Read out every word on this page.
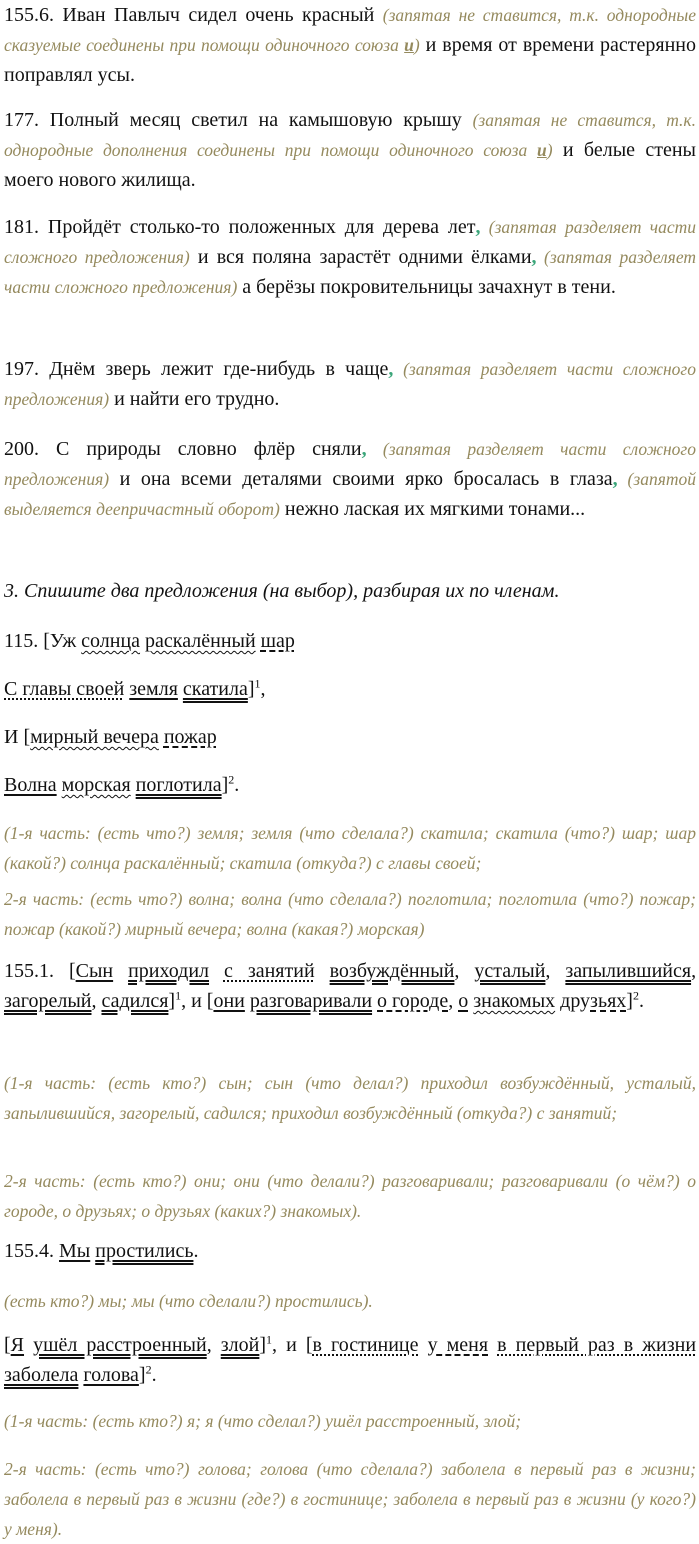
155.6. Иван Павлыч сидел очень красный (запятая не ставится, т.к. однородные сказуемые соединены при помощи одиночного союза и) и время от времени растерянно поправлял усы.

177. Полный месяц светил на камышовую крышу (запятая не ставится, т.к. однородные дополнения соединены при помощи одиночного союза и) и белые стены моего нового жилища.

181. Пройдёт столько-то положенных для дерева лет, (запятая разделяет части сложного предложения) и вся поляна зарастёт одними ёлками, (запятая разделяет части сложного предложения) а берёзы покровительницы зачахнут в тени.

197. Днём зверь лежит где-нибудь в чаще, (запятая разделяет части сложного предложения) и найти его трудно.

200. С природы словно флёр сняли, (запятая разделяет части сложного предложения) и она всеми деталями своими ярко бросалась в глаза, (запятой выделяется деепричастный оборот) нежно лаская их мягкими тонами...

3. Спишите два предложения (на выбор), разбирая их по членам.

115. [Уж солнца раскалённый шар

С главы своей земля скатила]$^1$,

И [мирный вечера пожар

Волна морская поглотила]$^2$.

(1-я часть: (есть что?) земля; земля (что сделала?) скатила; скатила (что?) шар; шар (какой?) солнца раскалённый; скатила (откуда?) с главы своей;

2-я часть: (есть что?) волна; волна (что сделала?) поглотила; поглотила (что?) пожар; пожар (какой?) мирный вечера; волна (какая?) морская)

155.1. [Сын приходил с занятий возбуждённый, усталый, запылившийся, загорелый, садился]$^1$, и [они разговаривали о городе, о знакомых друзьях]$^2$.

(1-я часть: (есть кто?) сын; сын (что делал?) приходил возбуждённый, усталый, запылившийся, загорелый, садился; приходил возбуждённый (откуда?) с занятий;

2-я часть: (есть кто?) они; они (что делали?) разговаривали; разговаривали (о чём?) о городе, о друзьях; о друзьях (каких?) знакомых).

155.4. Мы простились.

(есть кто?) мы; мы (что сделали?) простились).

[Я ушёл расстроенный, злой]$^1$, и [в гостинице у меня в первый раз в жизни заболела голова]$^2$.

(1-я часть: (есть кто?) я; я (что сделал?) ушёл расстроенный, злой;

2-я часть: (есть что?) голова; голова (что сделала?) заболела в первый раз в жизни; заболела в первый раз в жизни (где?) в гостинице; заболела в первый раз в жизни (у кого?) у меня).
